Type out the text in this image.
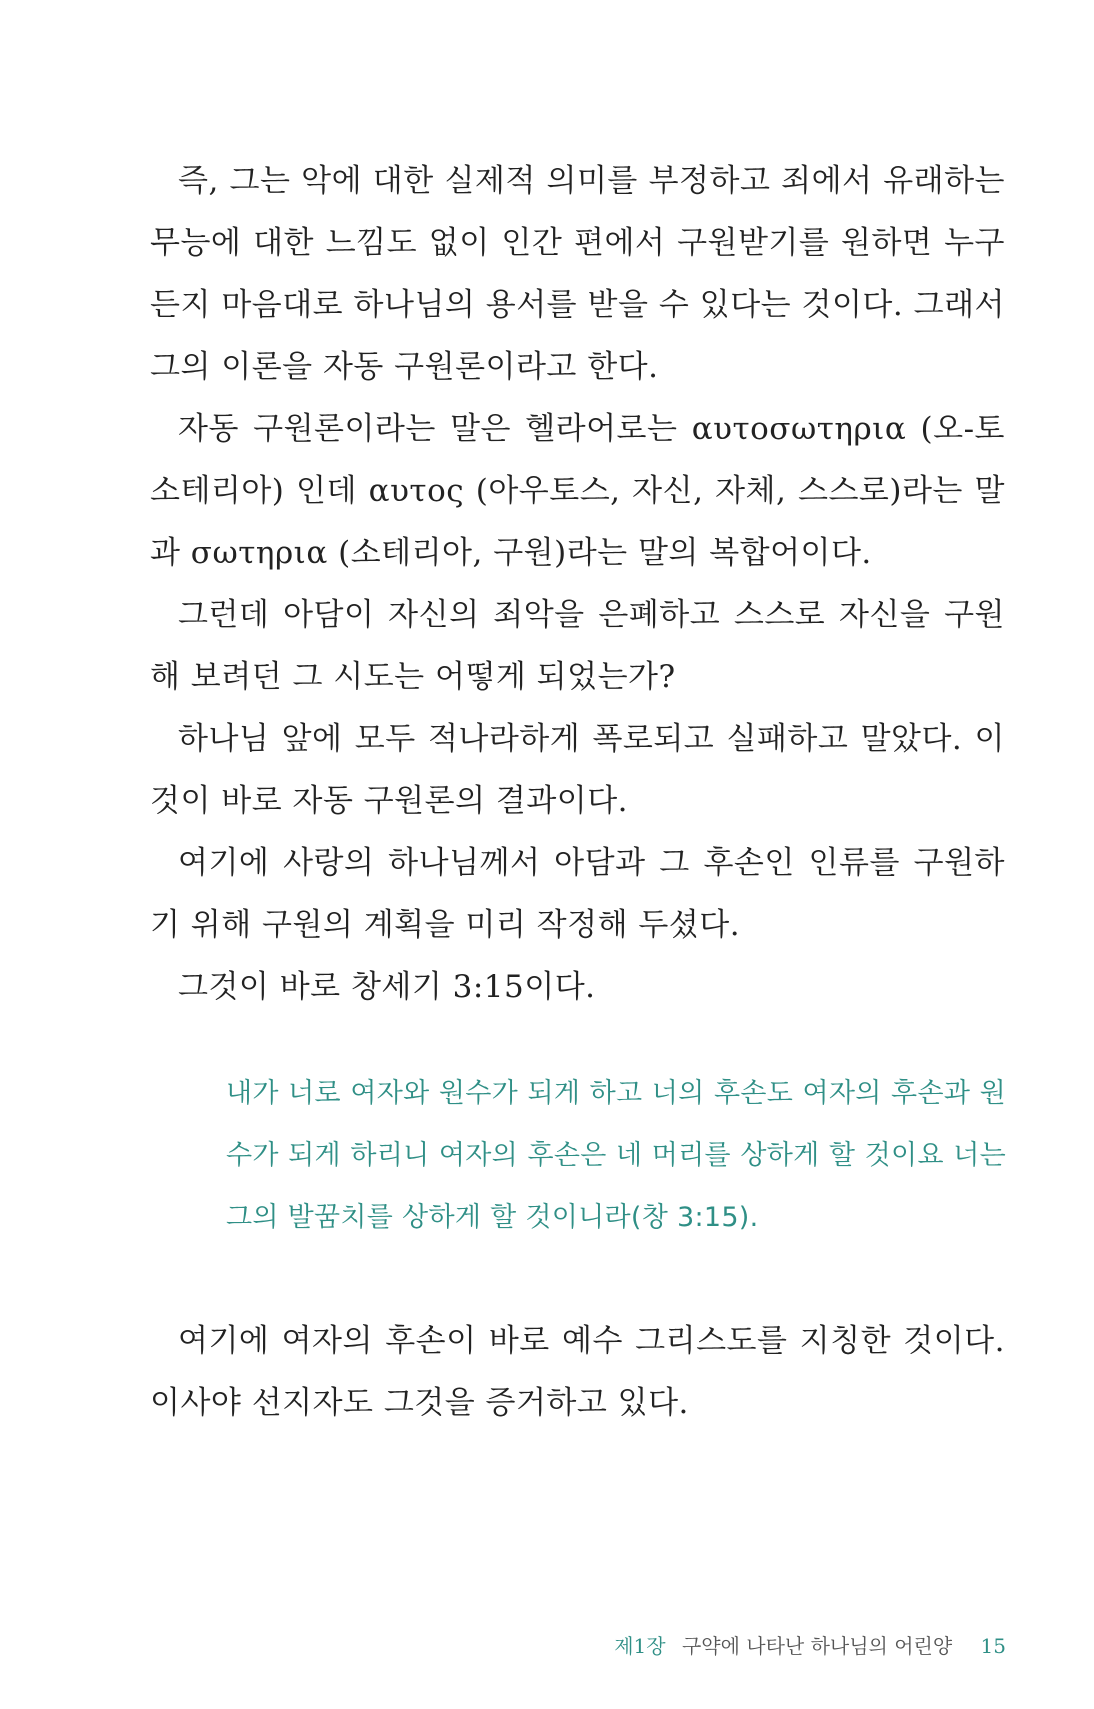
즉, 그는 악에 대한 실제적 의미를 부정하고 죄에서 유래하는 무능에 대한 느낌도 없이 인간 편에서 구원받기를 원하면 누구든지 마음대로 하나님의 용서를 받을 수 있다는 것이다. 그래서 그의 이론을 자동 구원론이라고 한다.

자동 구원론이라는 말은 헬라어로는 αυτοσωτηρια (오-토 소테리아) 인데 αυτος (아우토스, 자신, 자체, 스스로)라는 말과 σωτηρια (소테리아, 구원)라는 말의 복합어이다.

그런데 아담이 자신의 죄악을 은폐하고 스스로 자신을 구원해 보려던 그 시도는 어떻게 되었는가?

하나님 앞에 모두 적나라하게 폭로되고 실패하고 말았다. 이것이 바로 자동 구원론의 결과이다.

여기에 사랑의 하나님께서 아담과 그 후손인 인류를 구원하기 위해 구원의 계획을 미리 작정해 두셨다.

그것이 바로 창세기 3:15이다.

내가 너로 여자와 원수가 되게 하고 너의 후손도 여자의 후손과 원수가 되게 하리니 여자의 후손은 네 머리를 상하게 할 것이요 너는 그의 발꿈치를 상하게 할 것이니라(창 3:15).

여기에 여자의 후손이 바로 예수 그리스도를 지칭한 것이다. 이사야 선지자도 그것을 증거하고 있다.

제1장 구약에 나타난 하나님의 어린양 15
